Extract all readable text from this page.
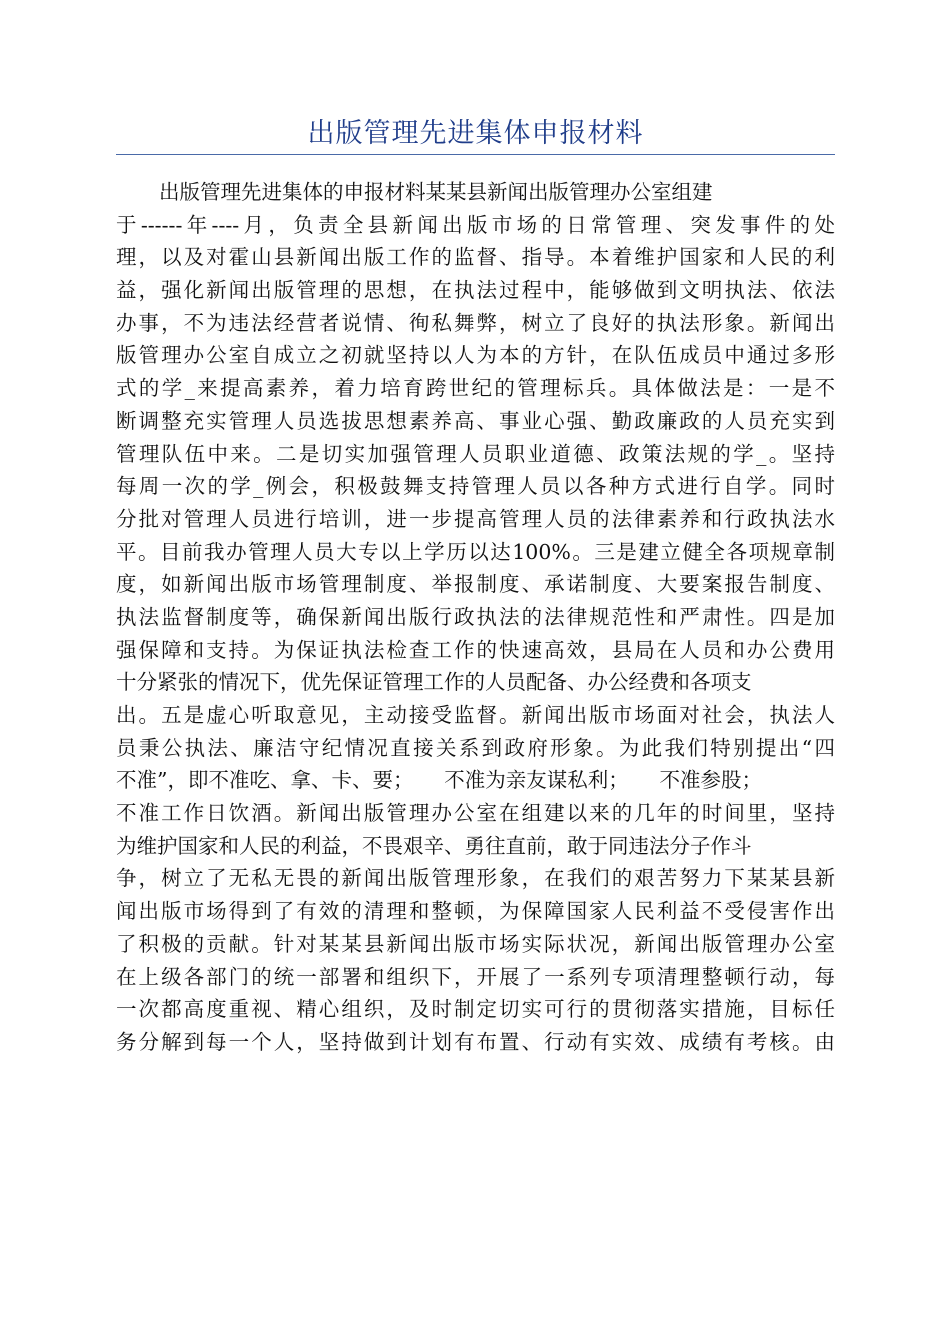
出版管理先进集体申报材料
出版管理先进集体的申报材料某某县新闻出版管理办公室组建
于------年----月，负责全县新闻出版市场的日常管理、突发事件的处
理，以及对霍山县新闻出版工作的监督、指导。本着维护国家和人民的利
益，强化新闻出版管理的思想，在执法过程中，能够做到文明执法、依法
办事，不为违法经营者说情、徇私舞弊，树立了良好的执法形象。新闻出
版管理办公室自成立之初就坚持以人为本的方针，在队伍成员中通过多形
式的学_来提高素养，着力培育跨世纪的管理标兵。具体做法是：一是不
断调整充实管理人员选拔思想素养高、事业心强、勤政廉政的人员充实到
管理队伍中来。二是切实加强管理人员职业道德、政策法规的学_。坚持
每周一次的学_例会，积极鼓舞支持管理人员以各种方式进行自学。同时
分批对管理人员进行培训，进一步提高管理人员的法律素养和行政执法水
平。目前我办管理人员大专以上学历以达100%。三是建立健全各项规章制
度，如新闻出版市场管理制度、举报制度、承诺制度、大要案报告制度、
执法监督制度等，确保新闻出版行政执法的法律规范性和严肃性。四是加
强保障和支持。为保证执法检查工作的快速高效，县局在人员和办公费用
十分紧张的情况下，优先保证管理工作的人员配备、办公经费和各项支
出。五是虚心听取意见，主动接受监督。新闻出版市场面对社会，执法人
员秉公执法、廉洁守纪情况直接关系到政府形象。为此我们特别提出“四
不准”，即不准吃、拿、卡、要；　　不准为亲友谋私利；　　不准参股；
不准工作日饮酒。新闻出版管理办公室在组建以来的几年的时间里，坚持
为维护国家和人民的利益，不畏艰辛、勇往直前，敢于同违法分子作斗
争，树立了无私无畏的新闻出版管理形象，在我们的艰苦努力下某某县新
闻出版市场得到了有效的清理和整顿，为保障国家人民利益不受侵害作出
了积极的贡献。针对某某县新闻出版市场实际状况，新闻出版管理办公室
在上级各部门的统一部署和组织下，开展了一系列专项清理整顿行动，每
一次都高度重视、精心组织，及时制定切实可行的贯彻落实措施，目标任
务分解到每一个人，坚持做到计划有布置、行动有实效、成绩有考核。由
